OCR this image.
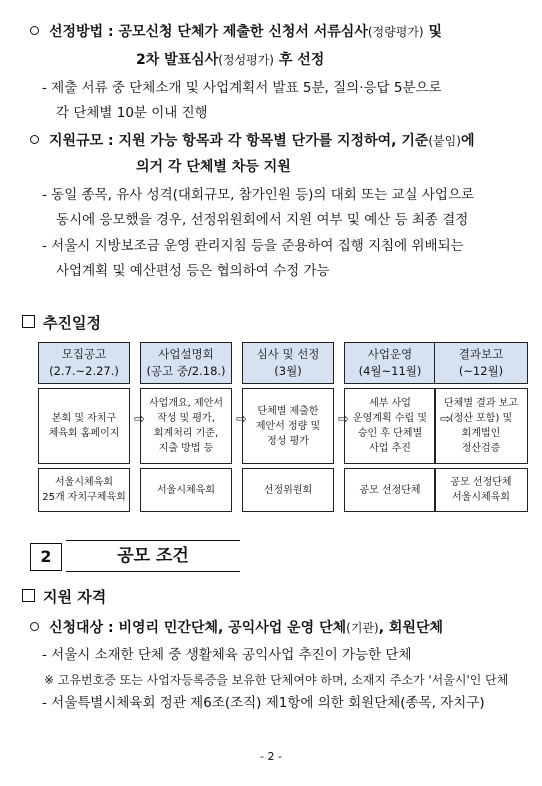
선정방법 : 공모신청 단체가 제출한 신청서 서류심사(정량평가) 및
2차 발표심사(정성평가) 후 선정
- 제출 서류 중 단체소개 및 사업계획서 발표 5분, 질의·응답 5분으로
각 단체별 10분 이내 진행
지원규모 : 지원 가능 항목과 각 항목별 단가를 지정하여, 기준(붙임)에
의거 각 단체별 차등 지원
- 동일 종목, 유사 성격(대회규모, 참가인원 등)의 대회 또는 교실 사업으로
동시에 응모했을 경우, 선정위원회에서 지원 여부 및 예산 등 최종 결정
- 서울시 지방보조금 운영 관리지침 등을 준용하여 집행 지침에 위배되는
사업계획 및 예산편성 등은 협의하여 수정 가능
추진일정
모집공고
(2.7.~2.27.)
본회 및 자치구
체육회 홈페이지
서울시체육회
25개 자치구체육회
⇨
사업설명회
(공고 중/2.18.)
사업개요, 제안서
작성 및 평가,
회계처리 기준,
지출 방법 등
서울시체육회
⇨
심사 및 선정
(3월)
단체별 제출한
제안서 정량 및
정성 평가
선정위원회
⇨
사업운영
(4월~11월)
세부 사업
운영계획 수립 및
승인 후 단체별
사업 추진
공모 선정단체
⇨
결과보고
(~12월)
단체별 결과 보고
(정산 포함) 및
회계법인
정산검증
공모 선정단체
서울시체육회
2	공모 조건
지원 자격
신청대상 : 비영리 민간단체, 공익사업 운영 단체(기관), 회원단체
- 서울시 소재한 단체 중 생활체육 공익사업 추진이 가능한 단체
※ 고유번호증 또는 사업자등록증을 보유한 단체여야 하며, 소재지 주소가 '서울시'인 단체
- 서울특별시체육회 정관 제6조(조직) 제1항에 의한 회원단체(종목, 자치구)
- 2 -
